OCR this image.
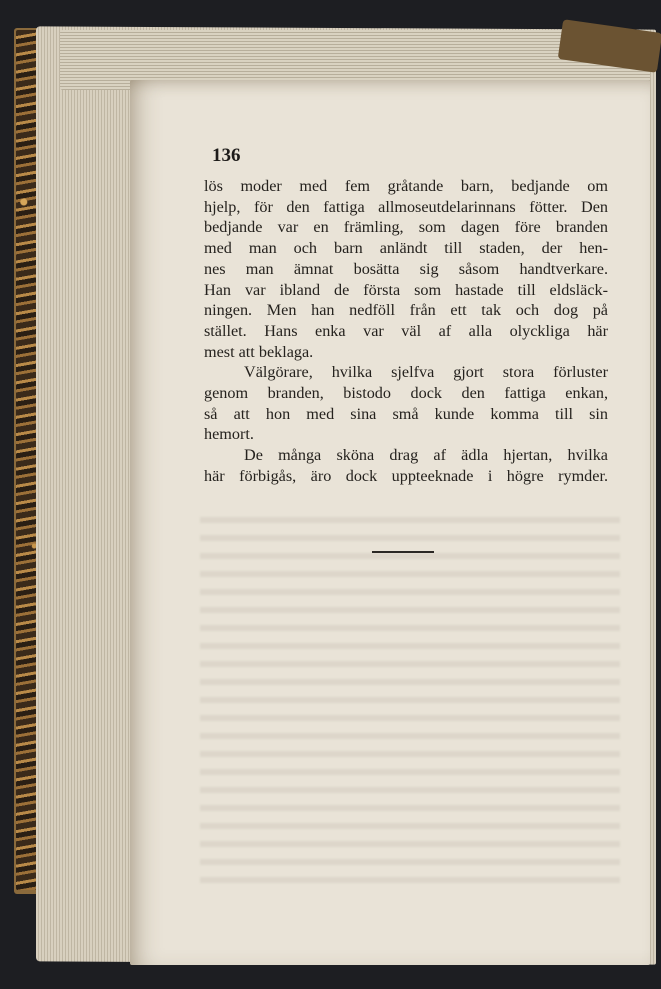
136
lös moder med fem gråtande barn, bedjande om
hjelp, för den fattiga allmoseutdelarinnans fötter. Den
bedjande var en främling, som dagen före branden
med man och barn anländt till staden, der hen-
nes man ämnat bosätta sig såsom handtverkare.
Han var ibland de första som hastade till eldsläck-
ningen. Men han nedföll från ett tak och dog på
stället. Hans enka var väl af alla olyckliga här
mest att beklaga.
Välgörare, hvilka sjelfva gjort stora förluster
genom branden, bistodo dock den fattiga enkan,
så att hon med sina små kunde komma till sin
hemort.
De många sköna drag af ädla hjertan, hvilka
här förbigås, äro dock uppteeknade i högre rymder.
